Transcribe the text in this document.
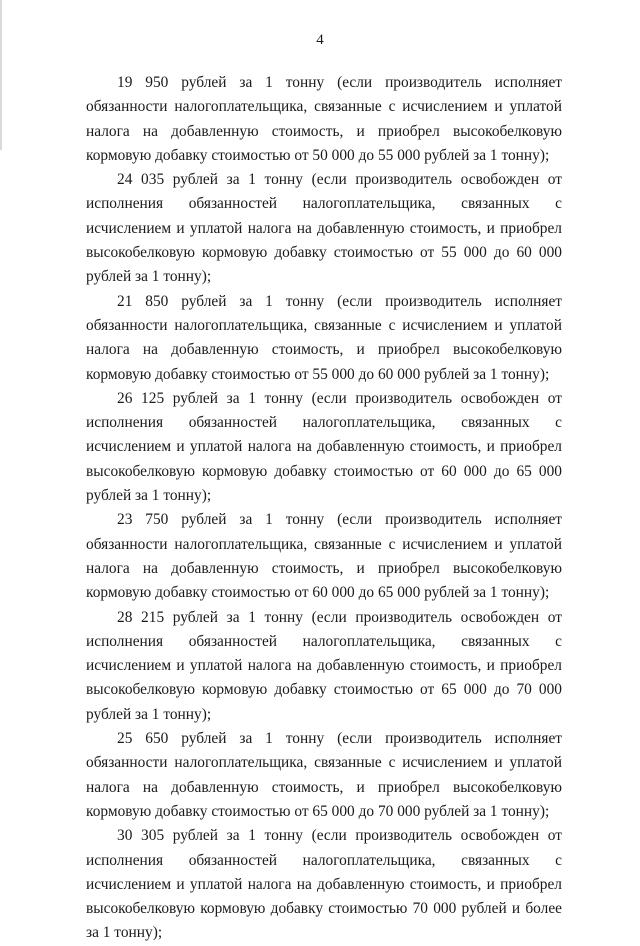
4

19 950 рублей за 1 тонну (если производитель исполняет обязанности налогоплательщика, связанные с исчислением и уплатой налога на добавленную стоимость, и приобрел высокобелковую кормовую добавку стоимостью от 50 000 до 55 000 рублей за 1 тонну);

24 035 рублей за 1 тонну (если производитель освобожден от исполнения обязанностей налогоплательщика, связанных с исчислением и уплатой налога на добавленную стоимость, и приобрел высокобелковую кормовую добавку стоимостью от 55 000 до 60 000 рублей за 1 тонну);

21 850 рублей за 1 тонну (если производитель исполняет обязанности налогоплательщика, связанные с исчислением и уплатой налога на добавленную стоимость, и приобрел высокобелковую кормовую добавку стоимостью от 55 000 до 60 000 рублей за 1 тонну);

26 125 рублей за 1 тонну (если производитель освобожден от исполнения обязанностей налогоплательщика, связанных с исчислением и уплатой налога на добавленную стоимость, и приобрел высокобелковую кормовую добавку стоимостью от 60 000 до 65 000 рублей за 1 тонну);

23 750 рублей за 1 тонну (если производитель исполняет обязанности налогоплательщика, связанные с исчислением и уплатой налога на добавленную стоимость, и приобрел высокобелковую кормовую добавку стоимостью от 60 000 до 65 000 рублей за 1 тонну);

28 215 рублей за 1 тонну (если производитель освобожден от исполнения обязанностей налогоплательщика, связанных с исчислением и уплатой налога на добавленную стоимость, и приобрел высокобелковую кормовую добавку стоимостью от 65 000 до 70 000 рублей за 1 тонну);

25 650 рублей за 1 тонну (если производитель исполняет обязанности налогоплательщика, связанные с исчислением и уплатой налога на добавленную стоимость, и приобрел высокобелковую кормовую добавку стоимостью от 65 000 до 70 000 рублей за 1 тонну);

30 305 рублей за 1 тонну (если производитель освобожден от исполнения обязанностей налогоплательщика, связанных с исчислением и уплатой налога на добавленную стоимость, и приобрел высокобелковую кормовую добавку стоимостью 70 000 рублей и более за 1 тонну);
